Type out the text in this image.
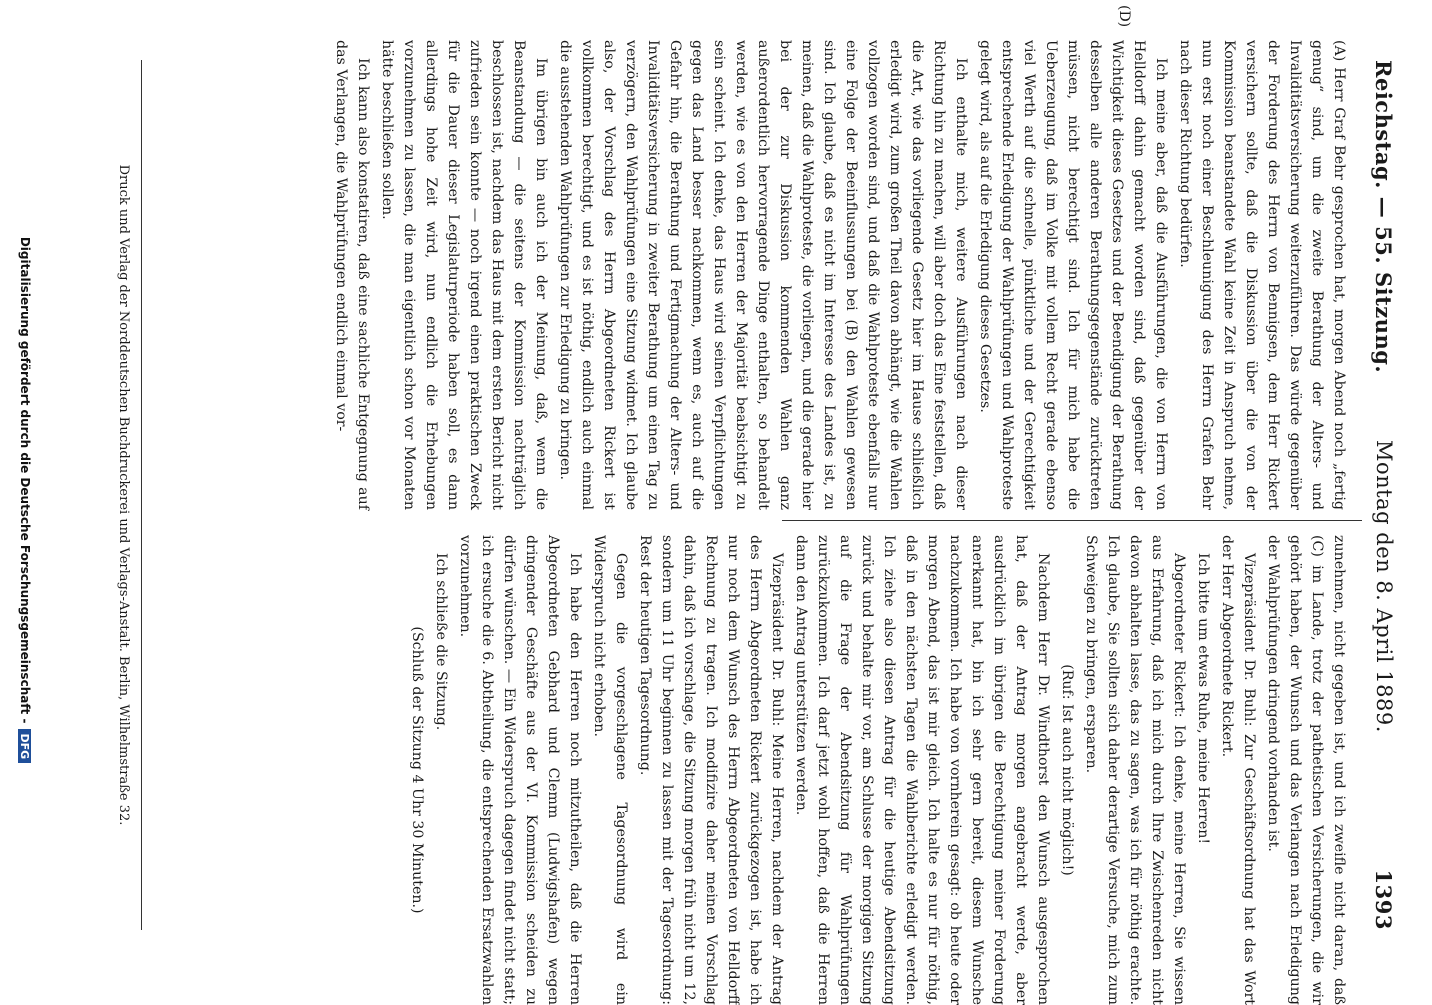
Reichstag. — 55. Sitzung.
Montag den 8. April 1889.
1393

(A) Herr Graf Behr gesprochen hat, morgen Abend noch „fertig genug“ sind, um die zweite Berathung der Alters- und Invaliditätsversicherung weiterzuführen. Das würde gegenüber der Forderung des Herrn von Bennigsen, dem Herr Rickert versichern sollte, daß die Diskussion über die von der Kommission beanstandete Wahl keine Zeit in Anspruch nehme, nun erst noch einer Beschleunigung des Herrn Grafen Behr nach dieser Richtung bedürfen.

Ich meine aber, daß die Ausführungen, die von Herrn von Helldorff dahin gemacht worden sind, daß gegenüber der Wichtigkeit dieses Gesetzes und der Beendigung der Berathung desselben alle anderen Berathungsgegenstände zurücktreten müssen, nicht berechtigt sind. Ich für mich habe die Ueberzeugung, daß im Volke mit vollem Recht gerade ebenso viel Werth auf die schnelle, pünktliche und der Gerechtigkeit entsprechende Erledigung der Wahlprüfungen und Wahlproteste gelegt wird, als auf die Erledigung dieses Gesetzes.

Ich enthalte mich, weitere Ausführungen nach dieser Richtung hin zu machen, will aber doch das Eine feststellen, daß die Art, wie das vorliegende Gesetz hier im Hause schließlich erledigt wird, zum großen Theil davon abhängt, wie die Wahlen vollzogen worden sind, und daß die Wahlproteste ebenfalls nur eine Folge der Beeinflussungen bei (B) den Wahlen gewesen sind. Ich glaube, daß es nicht im Interesse des Landes ist, zu meinen, daß die Wahlproteste, die vorliegen, und die gerade hier bei der zur Diskussion kommenden Wahlen ganz außerordentlich hervorragende Dinge enthalten, so behandelt werden, wie es von den Herren der Majorität beabsichtigt zu sein scheint. Ich denke, das Haus wird seinen Verpflichtungen gegen das Land besser nachkommen, wenn es, auch auf die Gefahr hin, die Berathung und Fertigmachung der Alters- und Invaliditätsversicherung in zweiter Berathung um einen Tag zu verzögern, den Wahlprüfungen eine Sitzung widmet. Ich glaube also, der Vorschlag des Herrn Abgeordneten Rickert ist vollkommen berechtigt, und es ist nöthig, endlich auch einmal die ausstehenden Wahlprüfungen zur Erledigung zu bringen.

Im übrigen bin auch ich der Meinung, daß, wenn die Beanstandung — die seitens der Kommission nachträglich beschlossen ist, nachdem das Haus mit dem ersten Bericht nicht zufrieden sein konnte — noch irgend einen praktischen Zweck für die Dauer dieser Legislaturperiode haben soll, es dann allerdings hohe Zeit wird, nun endlich die Erhebungen vorzunehmen zu lassen, die man eigentlich schon vor Monaten hätte beschließen sollen.

Ich kann also konstatiren, daß eine sachliche Entgegnung auf das Verlangen, die Wahlprüfungen endlich einmal vor-

zunehmen, nicht gegeben ist, und ich zweifle nicht daran, daß (C) im Lande, trotz der pathetischen Versicherungen, die wir gehört haben, der Wunsch und das Verlangen nach Erledigung der Wahlprüfungen dringend vorhanden ist.

Vizepräsident Dr. Buhl: Zur Geschäftsordnung hat das Wort der Herr Abgeordnete Rickert.

Ich bitte um etwas Ruhe, meine Herren!

Abgeordneter Rickert: Ich denke, meine Herren, Sie wissen aus Erfahrung, daß ich mich durch Ihre Zwischenreden nicht davon abhalten lasse, das zu sagen, was ich für nöthig erachte. Ich glaube, Sie sollten sich daher derartige Versuche, mich zum Schweigen zu bringen, ersparen.

(Ruf: Ist auch nicht möglich!)

Nachdem Herr Dr. Windthorst den Wunsch ausgesprochen hat, daß der Antrag morgen angebracht werde, aber ausdrücklich im übrigen die Berechtigung meiner Forderung anerkannt hat, bin ich sehr gern bereit, diesem Wunsche nachzukommen. Ich habe von vornherein gesagt: ob heute oder morgen Abend, das ist mir gleich. Ich halte es nur für nöthig, daß in den nächsten Tagen die Wahlberichte erledigt werden. Ich ziehe also diesen Antrag für die heutige Abendsitzung zurück und behalte mir vor, am Schlusse der morgigen Sitzung auf die Frage der Abendsitzung für Wahlprüfungen zurückzukommen. Ich darf jetzt wohl hoffen, daß die Herren dann den Antrag unterstützen werden.

Vizepräsident Dr. Buhl: Meine Herren, nachdem der Antrag des Herrn Abgeordneten Rickert zurückgezogen ist, habe ich nur noch dem Wunsch des Herrn Abgeordneten von Helldorff Rechnung zu tragen. Ich modifizire daher meinen Vorschlag dahin, daß ich vorschlage, die Sitzung morgen früh nicht um 12, sondern um 11 Uhr beginnen zu lassen mit der Tagesordnung: Rest der heutigen Tagesordnung.

Gegen die vorgeschlagene Tagesordnung wird ein Widerspruch nicht erhoben.

Ich habe den Herren noch mitzutheilen, daß die Herren Abgeordneten Gebhard und Clemm (Ludwigshafen) wegen dringender Geschäfte aus der VI. Kommission scheiden zu dürfen wünschen. — Ein Widerspruch dagegen findet nicht statt; ich ersuche die 6. Abtheilung, die entsprechenden Ersatzwahlen vorzunehmen.

Ich schließe die Sitzung.

(Schluß der Sitzung 4 Uhr 30 Minuten.)

(D)
Druck und Verlag der Norddeutschen Buchdruckerei und Verlags-Anstalt. Berlin, Wilhelmstraße 32.
Digitalisierung gefördert durch die Deutsche Forschungsgemeinschaft -DFG
